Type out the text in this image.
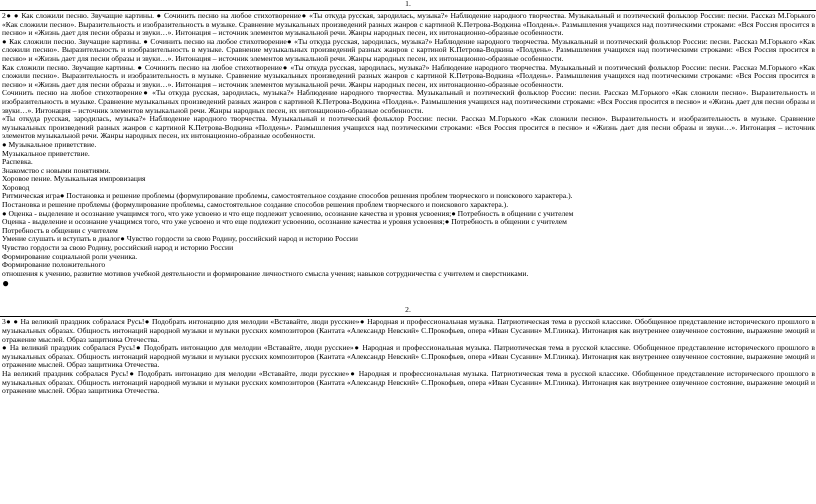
1.
2● ● Как сложили песню. Звучащие картины. ● Сочинить песню на любое стихотворение● «Ты откуда русская, зародилась, музыка?» Наблюдение народного творчества. Музыкальный и поэтический фольклор России: песни. Рассказ М.Горького «Как сложили песню». Выразительность и изобразительность в музыке. Сравнение музыкальных произведений разных жанров с картиной К.Петрова-Водкина «Полдень». Размышления учащихся над поэтическими строками: «Вся Россия просится в песню» и «Жизнь дает для песни образы и звуки…». Интонация – источник элементов музыкальной речи. Жанры народных песен, их интонационно-образные особенности.
● Как сложили песню. Звучащие картины. ● Сочинить песню на любое стихотворение● «Ты откуда русская, зародилась, музыка?» Наблюдение народного творчества. Музыкальный и поэтический фольклор России: песни. Рассказ М.Горького «Как сложили песню». Выразительность и изобразительность в музыке. Сравнение музыкальных произведений разных жанров с картиной К.Петрова-Водкина «Полдень». Размышления учащихся над поэтическими строками: «Вся Россия просится в песню» и «Жизнь дает для песни образы и звуки…». Интонация – источник элементов музыкальной речи. Жанры народных песен, их интонационно-образные особенности.
Как сложили песню. Звучащие картины. ● Сочинить песню на любое стихотворение● «Ты откуда русская, зародилась, музыка?» Наблюдение народного творчества. Музыкальный и поэтический фольклор России: песни. Рассказ М.Горького «Как сложили песню». Выразительность и изобразительность в музыке. Сравнение музыкальных произведений разных жанров с картиной К.Петрова-Водкина «Полдень». Размышления учащихся над поэтическими строками: «Вся Россия просится в песню» и «Жизнь дает для песни образы и звуки…». Интонация – источник элементов музыкальной речи. Жанры народных песен, их интонационно-образные особенности.
Сочинить песню на любое стихотворение● «Ты откуда русская, зародилась, музыка?» Наблюдение народного творчества. Музыкальный и поэтический фольклор России: песни. Рассказ М.Горького «Как сложили песню». Выразительность и изобразительность в музыке. Сравнение музыкальных произведений разных жанров с картиной К.Петрова-Водкина «Полдень». Размышления учащихся над поэтическими строками: «Вся Россия просится в песню» и «Жизнь дает для песни образы и звуки…». Интонация – источник элементов музыкальной речи. Жанры народных песен, их интонационно-образные особенности.
«Ты откуда русская, зародилась, музыка?» Наблюдение народного творчества. Музыкальный и поэтический фольклор России: песни. Рассказ М.Горького «Как сложили песню». Выразительность и изобразительность в музыке. Сравнение музыкальных произведений разных жанров с картиной К.Петрова-Водкина «Полдень». Размышления учащихся над поэтическими строками: «Вся Россия просится в песню» и «Жизнь дает для песни образы и звуки…». Интонация – источник элементов музыкальной речи. Жанры народных песен, их интонационно-образные особенности.
● Музыкальное приветствие.
Музыкальное приветствие.
Распевка.
Знакомство с новыми понятиями.
Хоровое пение. Музыкальная импровизация
Хоровод
Ритмическая игра● Постановка и решение проблемы (формулирование проблемы, самостоятельное создание способов решения проблем творческого и поискового характера.).
Постановка и решение проблемы (формулирование проблемы, самостоятельное создание способов решения проблем творческого и поискового характера.).
● Оценка - выделение и осознание учащимся того, что уже усвоено и что еще подлежит усвоению, осознание качества и уровня усвоения;● Потребность в общении с учителем
Оценка - выделение и осознание учащимся того, что уже усвоено и что еще подлежит усвоению, осознание качества и уровня усвоения;● Потребность в общении с учителем
Потребность в общении с учителем
Умение слушать и вступать в диалог● Чувство гордости за свою Родину, российский народ и историю России
Чувство гордости за свою Родину, российский народ и историю России
Формирование социальной роли ученика.
Формирование положительного
отношения к учению, развитие мотивов учебной деятельности и формирование личностного смысла учения; навыков сотрудничества с учителем и сверстниками.
●
2.
3● ● На великий праздник собралася Русь!● Подобрать интонацию для мелодии «Вставайте, люди русские»● Народная и профессиональная музыка. Патриотическая тема в русской классике. Обобщенное представление исторического прошлого в музыкальных образах. Общность интонаций народной музыки и музыки русских композиторов (Кантата «Александр Невский» С.Прокофьев, опера «Иван Сусанин» М.Глинка). Интонация как внутреннее озвученное состояние, выражение эмоций и отражение мыслей. Образ защитника Отечества.
● На великий праздник собралася Русь!● Подобрать интонацию для мелодии «Вставайте, люди русские»● Народная и профессиональная музыка. Патриотическая тема в русской классике. Обобщенное представление исторического прошлого в музыкальных образах. Общность интонаций народной музыки и музыки русских композиторов (Кантата «Александр Невский» С.Прокофьев, опера «Иван Сусанин» М.Глинка). Интонация как внутреннее озвученное состояние, выражение эмоций и отражение мыслей. Образ защитника Отечества.
На великий праздник собралася Русь!● Подобрать интонацию для мелодии «Вставайте, люди русские»● Народная и профессиональная музыка. Патриотическая тема в русской классике. Обобщенное представление исторического прошлого в музыкальных образах. Общность интонаций народной музыки и музыки русских композиторов (Кантата «Александр Невский» С.Прокофьев, опера «Иван Сусанин» М.Глинка). Интонация как внутреннее озвученное состояние, выражение эмоций и отражение мыслей. Образ защитника Отечества.
